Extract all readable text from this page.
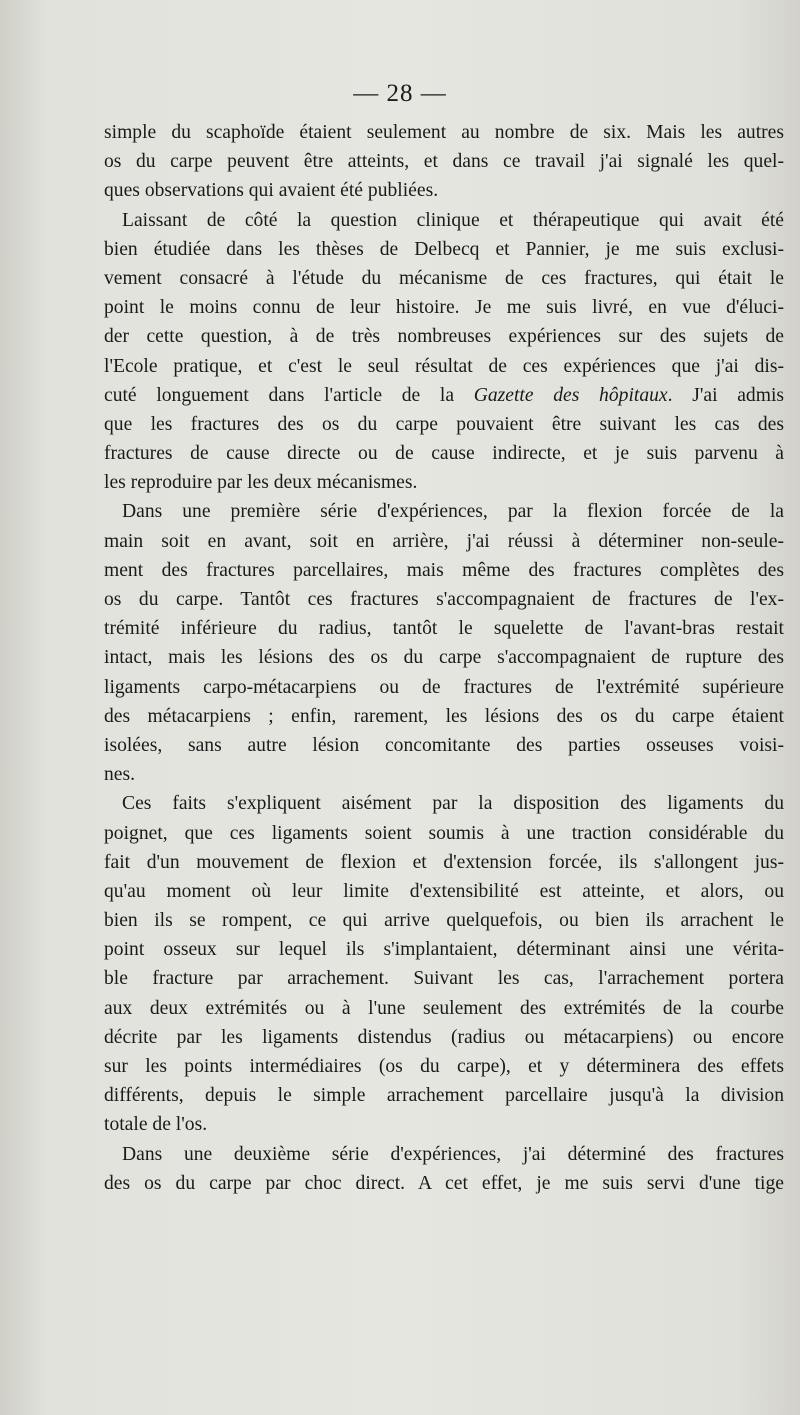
— 28 —
simple du scaphoïde étaient seulement au nombre de six. Mais les autres
os du carpe peuvent être atteints, et dans ce travail j'ai signalé les quel-
ques observations qui avaient été publiées.
Laissant de côté la question clinique et thérapeutique qui avait été
bien étudiée dans les thèses de Delbecq et Pannier, je me suis exclusi-
vement consacré à l'étude du mécanisme de ces fractures, qui était le
point le moins connu de leur histoire. Je me suis livré, en vue d'éluci-
der cette question, à de très nombreuses expériences sur des sujets de
l'Ecole pratique, et c'est le seul résultat de ces expériences que j'ai dis-
cuté longuement dans l'article de la Gazette des hôpitaux. J'ai admis
que les fractures des os du carpe pouvaient être suivant les cas des
fractures de cause directe ou de cause indirecte, et je suis parvenu à
les reproduire par les deux mécanismes.
Dans une première série d'expériences, par la flexion forcée de la
main soit en avant, soit en arrière, j'ai réussi à déterminer non-seule-
ment des fractures parcellaires, mais même des fractures complètes des
os du carpe. Tantôt ces fractures s'accompagnaient de fractures de l'ex-
trémité inférieure du radius, tantôt le squelette de l'avant-bras restait
intact, mais les lésions des os du carpe s'accompagnaient de rupture des
ligaments carpo-métacarpiens ou de fractures de l'extrémité supérieure
des métacarpiens ; enfin, rarement, les lésions des os du carpe étaient
isolées, sans autre lésion concomitante des parties osseuses voisi-
nes.
Ces faits s'expliquent aisément par la disposition des ligaments du
poignet, que ces ligaments soient soumis à une traction considérable du
fait d'un mouvement de flexion et d'extension forcée, ils s'allongent jus-
qu'au moment où leur limite d'extensibilité est atteinte, et alors, ou
bien ils se rompent, ce qui arrive quelquefois, ou bien ils arrachent le
point osseux sur lequel ils s'implantaient, déterminant ainsi une vérita-
ble fracture par arrachement. Suivant les cas, l'arrachement portera
aux deux extrémités ou à l'une seulement des extrémités de la courbe
décrite par les ligaments distendus (radius ou métacarpiens) ou encore
sur les points intermédiaires (os du carpe), et y déterminera des effets
différents, depuis le simple arrachement parcellaire jusqu'à la division
totale de l'os.
Dans une deuxième série d'expériences, j'ai déterminé des fractures
des os du carpe par choc direct. A cet effet, je me suis servi d'une tige
